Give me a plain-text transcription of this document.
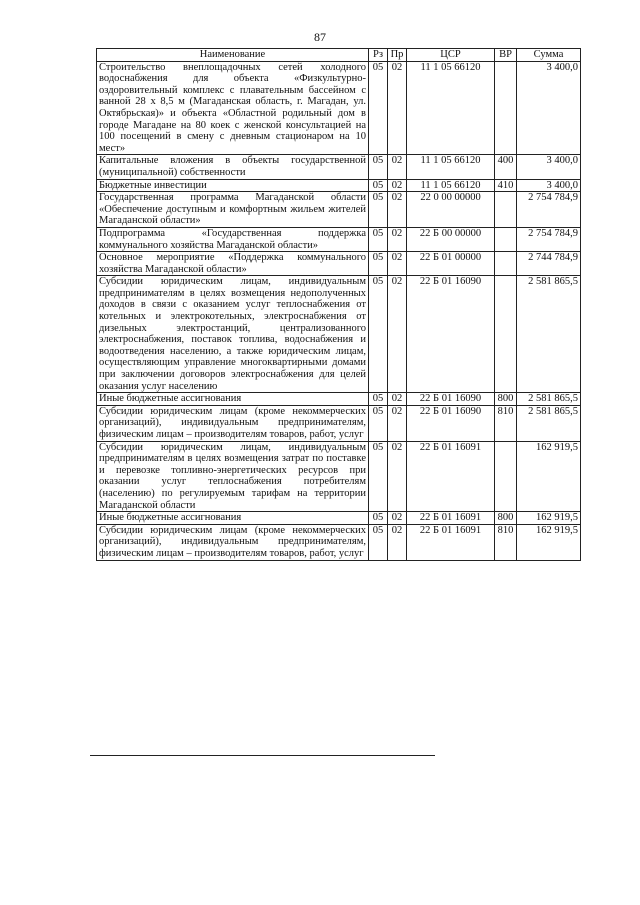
87
Наименование	Рз	Пр	ЦСР	ВР	Сумма
Строительство внеплощадочных сетей холодного водоснабжения для объекта «Физкультурно-оздоровительный комплекс с плавательным бассейном с ванной 28 х 8,5 м (Магаданская область, г. Магадан, ул. Октябрьская)» и объекта «Областной родильный дом в городе Магадане на 80 коек с женской консультацией на 100 посещений в смену с дневным стационаром на 10 мест»	05	02	11 1 05 66120		3 400,0
Капитальные вложения в объекты государственной (муниципальной) собственности	05	02	11 1 05 66120	400	3 400,0
Бюджетные инвестиции	05	02	11 1 05 66120	410	3 400,0
Государственная программа Магаданской области «Обеспечение доступным и комфортным жильем жителей Магаданской области»	05	02	22 0 00 00000		2 754 784,9
Подпрограмма «Государственная поддержка коммунального хозяйства Магаданской области»	05	02	22 Б 00 00000		2 754 784,9
Основное мероприятие «Поддержка коммунального хозяйства Магаданской области»	05	02	22 Б 01 00000		2 744 784,9
Субсидии юридическим лицам, индивидуальным предпринимателям в целях возмещения недополученных доходов в связи с оказанием услуг теплоснабжения от котельных и электрокотельных, электроснабжения от дизельных электростанций, централизованного электроснабжения, поставок топлива, водоснабжения и водоотведения населению, а также юридическим лицам, осуществляющим управление многоквартирными домами при заключении договоров электроснабжения для целей оказания услуг населению	05	02	22 Б 01 16090		2 581 865,5
Иные бюджетные ассигнования	05	02	22 Б 01 16090	800	2 581 865,5
Субсидии юридическим лицам (кроме некоммерческих организаций), индивидуальным предпринимателям, физическим лицам – производителям товаров, работ, услуг	05	02	22 Б 01 16090	810	2 581 865,5
Субсидии юридическим лицам, индивидуальным предпринимателям в целях возмещения затрат по поставке и перевозке топливно-энергетических ресурсов при оказании услуг теплоснабжения потребителям (населению) по регулируемым тарифам на территории Магаданской области	05	02	22 Б 01 16091		162 919,5
Иные бюджетные ассигнования	05	02	22 Б 01 16091	800	162 919,5
Субсидии юридическим лицам (кроме некоммерческих организаций), индивидуальным предпринимателям, физическим лицам – производителям товаров, работ, услуг	05	02	22 Б 01 16091	810	162 919,5
